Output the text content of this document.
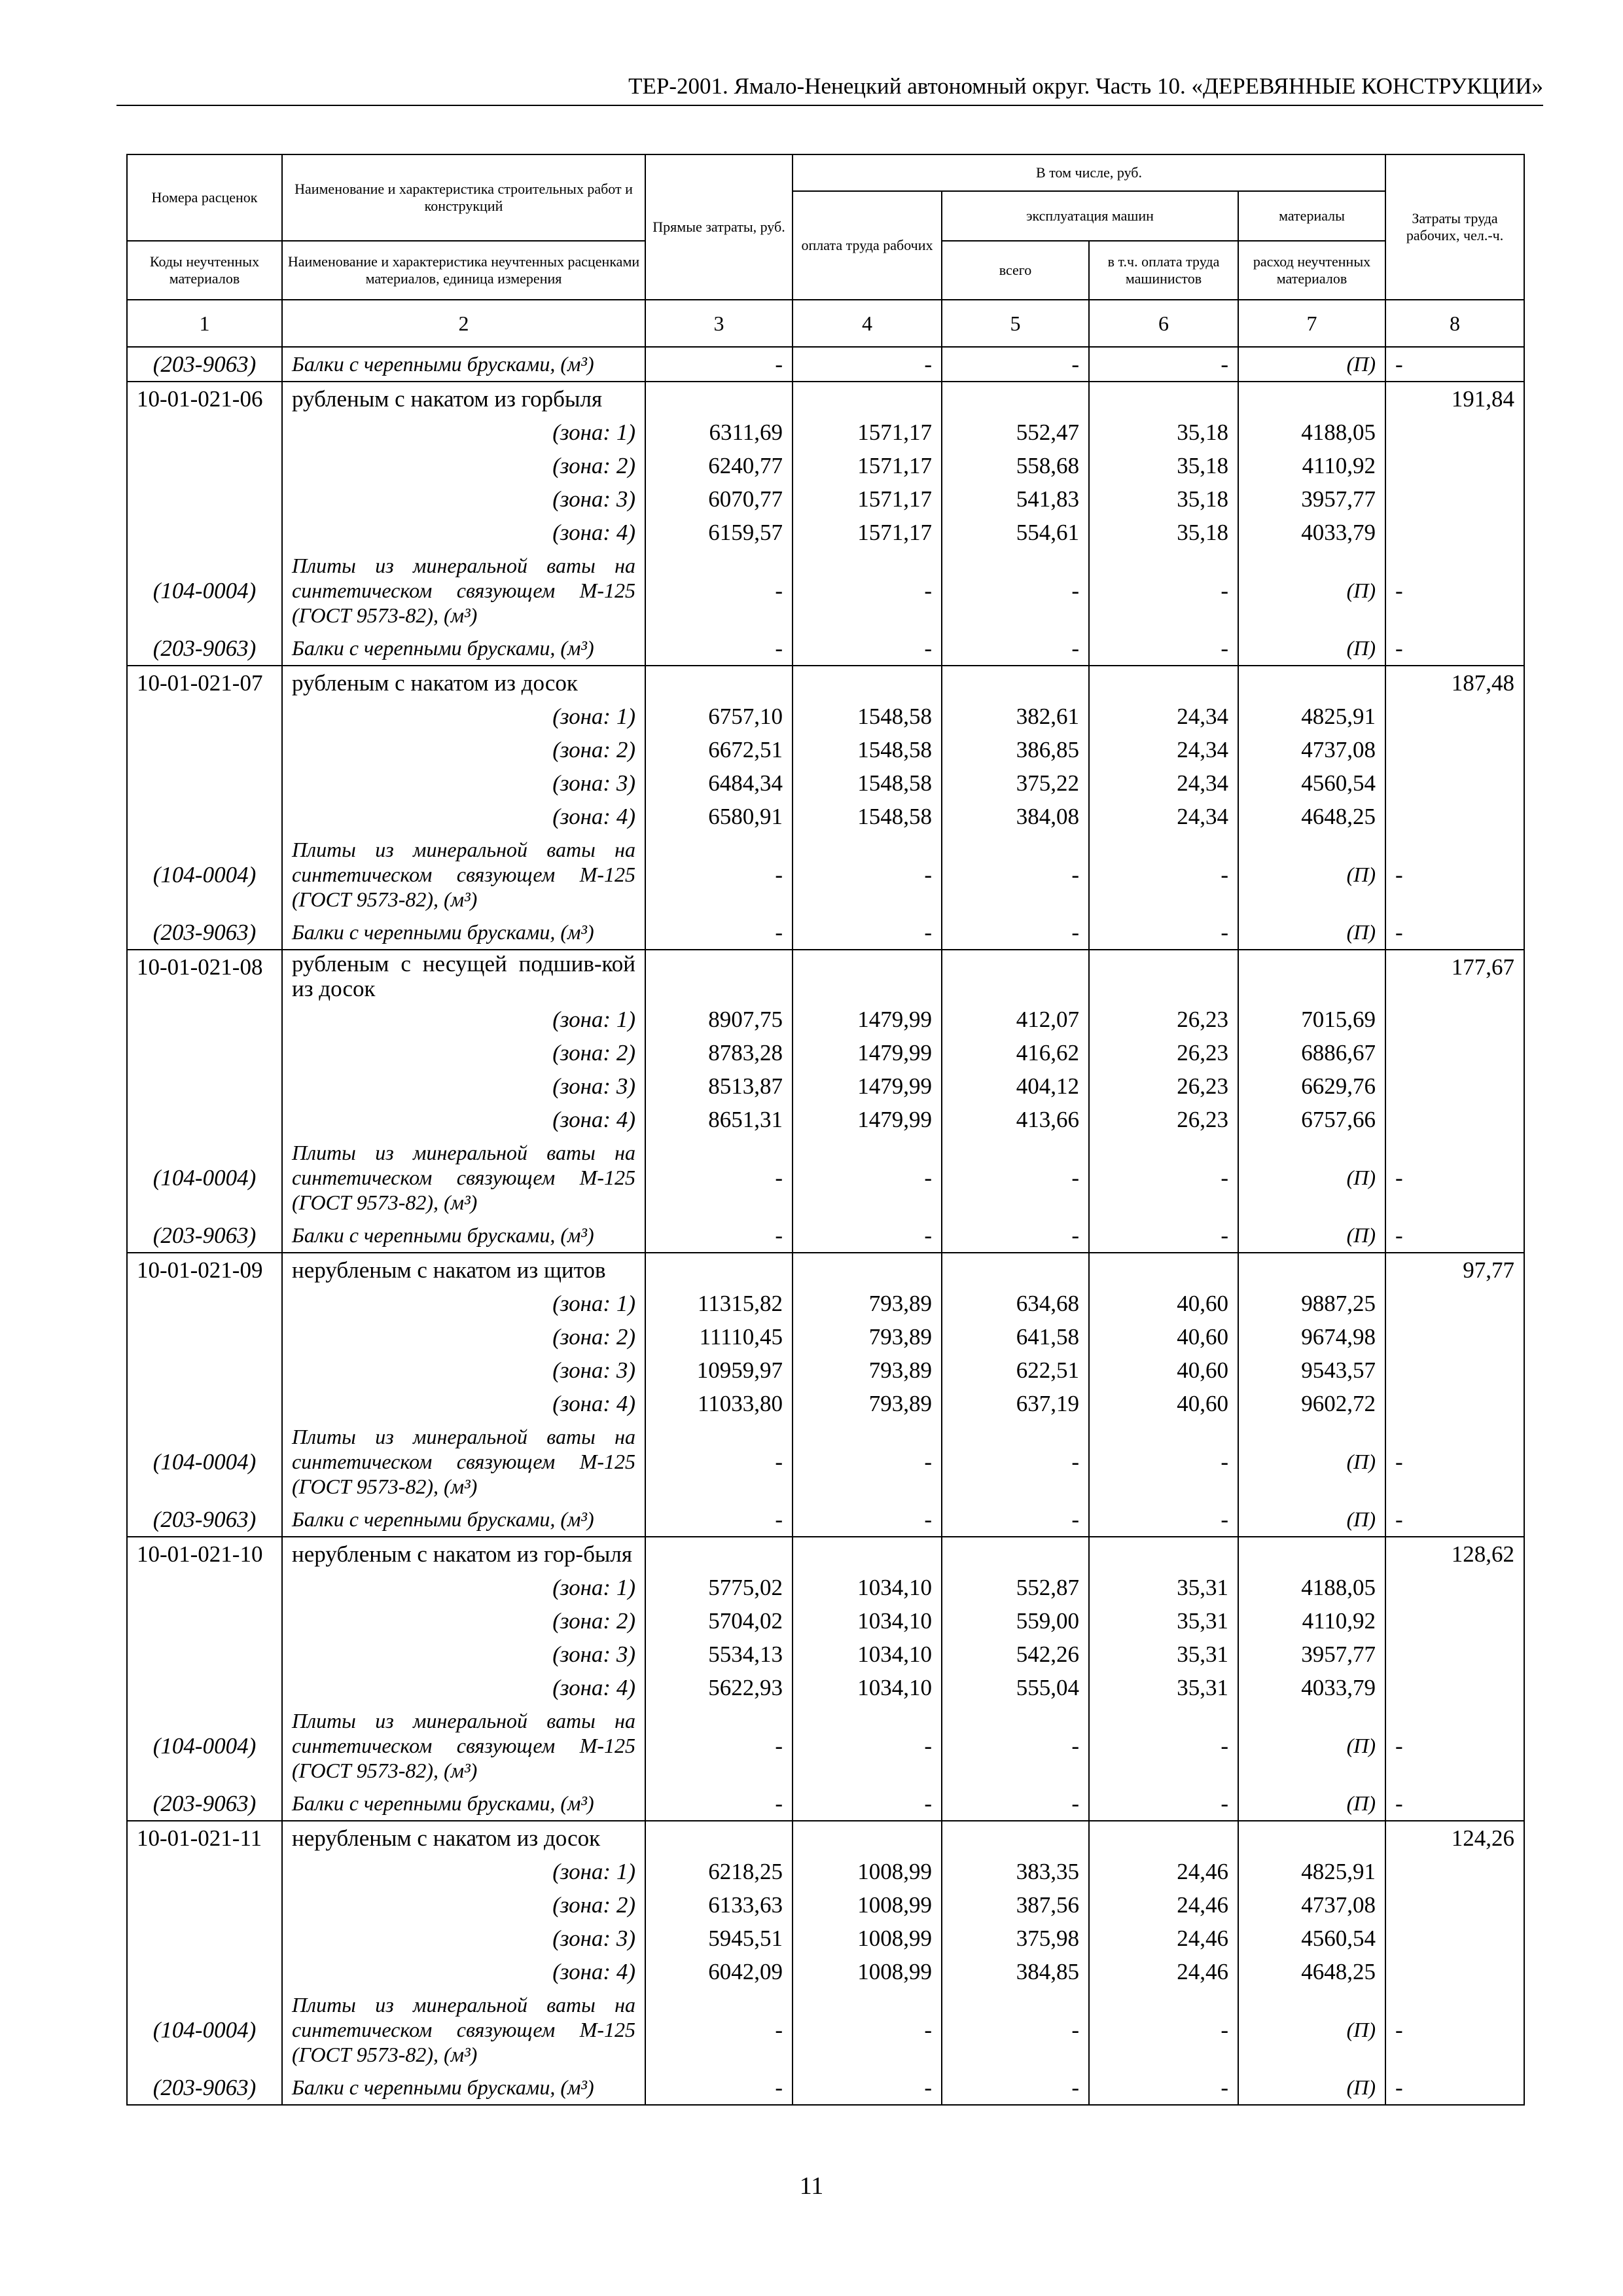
ТЕР-2001. Ямало-Ненецкий автономный округ. Часть 10. «ДЕРЕВЯННЫЕ КОНСТРУКЦИИ»
Номера расценок	Наименование и характеристика строительных работ и конструкций	Прямые затраты, руб.	В том числе, руб.				Затраты труда рабочих, чел.-ч.
			оплата труда рабочих	эксплуатация машин		материалы	
Коды неучтенных материалов	Наименование и характеристика неучтенных расценками материалов, единица измерения			всего	в т.ч. оплата труда машинистов	расход неучтенных материалов	
1	2	3	4	5	6	7	8
(203-9063)	Балки с черепными брусками, (м³)	-	-	-	-	(П)	-
10-01-021-06	рубленым с накатом из горбыля						191,84
	(зона: 1)	6311,69	1571,17	552,47	35,18	4188,05	
	(зона: 2)	6240,77	1571,17	558,68	35,18	4110,92	
	(зона: 3)	6070,77	1571,17	541,83	35,18	3957,77	
	(зона: 4)	6159,57	1571,17	554,61	35,18	4033,79	
(104-0004)	Плиты из минеральной ваты на синтетическом связующем М-125 (ГОСТ 9573-82), (м³)	-	-	-	-	(П)	-
(203-9063)	Балки с черепными брусками, (м³)	-	-	-	-	(П)	-
10-01-021-07	рубленым с накатом из досок						187,48
	(зона: 1)	6757,10	1548,58	382,61	24,34	4825,91	
	(зона: 2)	6672,51	1548,58	386,85	24,34	4737,08	
	(зона: 3)	6484,34	1548,58	375,22	24,34	4560,54	
	(зона: 4)	6580,91	1548,58	384,08	24,34	4648,25	
(104-0004)	Плиты из минеральной ваты на синтетическом связующем М-125 (ГОСТ 9573-82), (м³)	-	-	-	-	(П)	-
(203-9063)	Балки с черепными брусками, (м³)	-	-	-	-	(П)	-
10-01-021-08	рубленым с несущей подшив-кой из досок						177,67
	(зона: 1)	8907,75	1479,99	412,07	26,23	7015,69	
	(зона: 2)	8783,28	1479,99	416,62	26,23	6886,67	
	(зона: 3)	8513,87	1479,99	404,12	26,23	6629,76	
	(зона: 4)	8651,31	1479,99	413,66	26,23	6757,66	
(104-0004)	Плиты из минеральной ваты на синтетическом связующем М-125 (ГОСТ 9573-82), (м³)	-	-	-	-	(П)	-
(203-9063)	Балки с черепными брусками, (м³)	-	-	-	-	(П)	-
10-01-021-09	нерубленым с накатом из щитов						97,77
	(зона: 1)	11315,82	793,89	634,68	40,60	9887,25	
	(зона: 2)	11110,45	793,89	641,58	40,60	9674,98	
	(зона: 3)	10959,97	793,89	622,51	40,60	9543,57	
	(зона: 4)	11033,80	793,89	637,19	40,60	9602,72	
(104-0004)	Плиты из минеральной ваты на синтетическом связующем М-125 (ГОСТ 9573-82), (м³)	-	-	-	-	(П)	-
(203-9063)	Балки с черепными брусками, (м³)	-	-	-	-	(П)	-
10-01-021-10	нерубленым с накатом из гор-быля						128,62
	(зона: 1)	5775,02	1034,10	552,87	35,31	4188,05	
	(зона: 2)	5704,02	1034,10	559,00	35,31	4110,92	
	(зона: 3)	5534,13	1034,10	542,26	35,31	3957,77	
	(зона: 4)	5622,93	1034,10	555,04	35,31	4033,79	
(104-0004)	Плиты из минеральной ваты на синтетическом связующем М-125 (ГОСТ 9573-82), (м³)	-	-	-	-	(П)	-
(203-9063)	Балки с черепными брусками, (м³)	-	-	-	-	(П)	-
10-01-021-11	нерубленым с накатом из досок						124,26
	(зона: 1)	6218,25	1008,99	383,35	24,46	4825,91	
	(зона: 2)	6133,63	1008,99	387,56	24,46	4737,08	
	(зона: 3)	5945,51	1008,99	375,98	24,46	4560,54	
	(зона: 4)	6042,09	1008,99	384,85	24,46	4648,25	
(104-0004)	Плиты из минеральной ваты на синтетическом связующем М-125 (ГОСТ 9573-82), (м³)	-	-	-	-	(П)	-
(203-9063)	Балки с черепными брусками, (м³)	-	-	-	-	(П)	-
11
